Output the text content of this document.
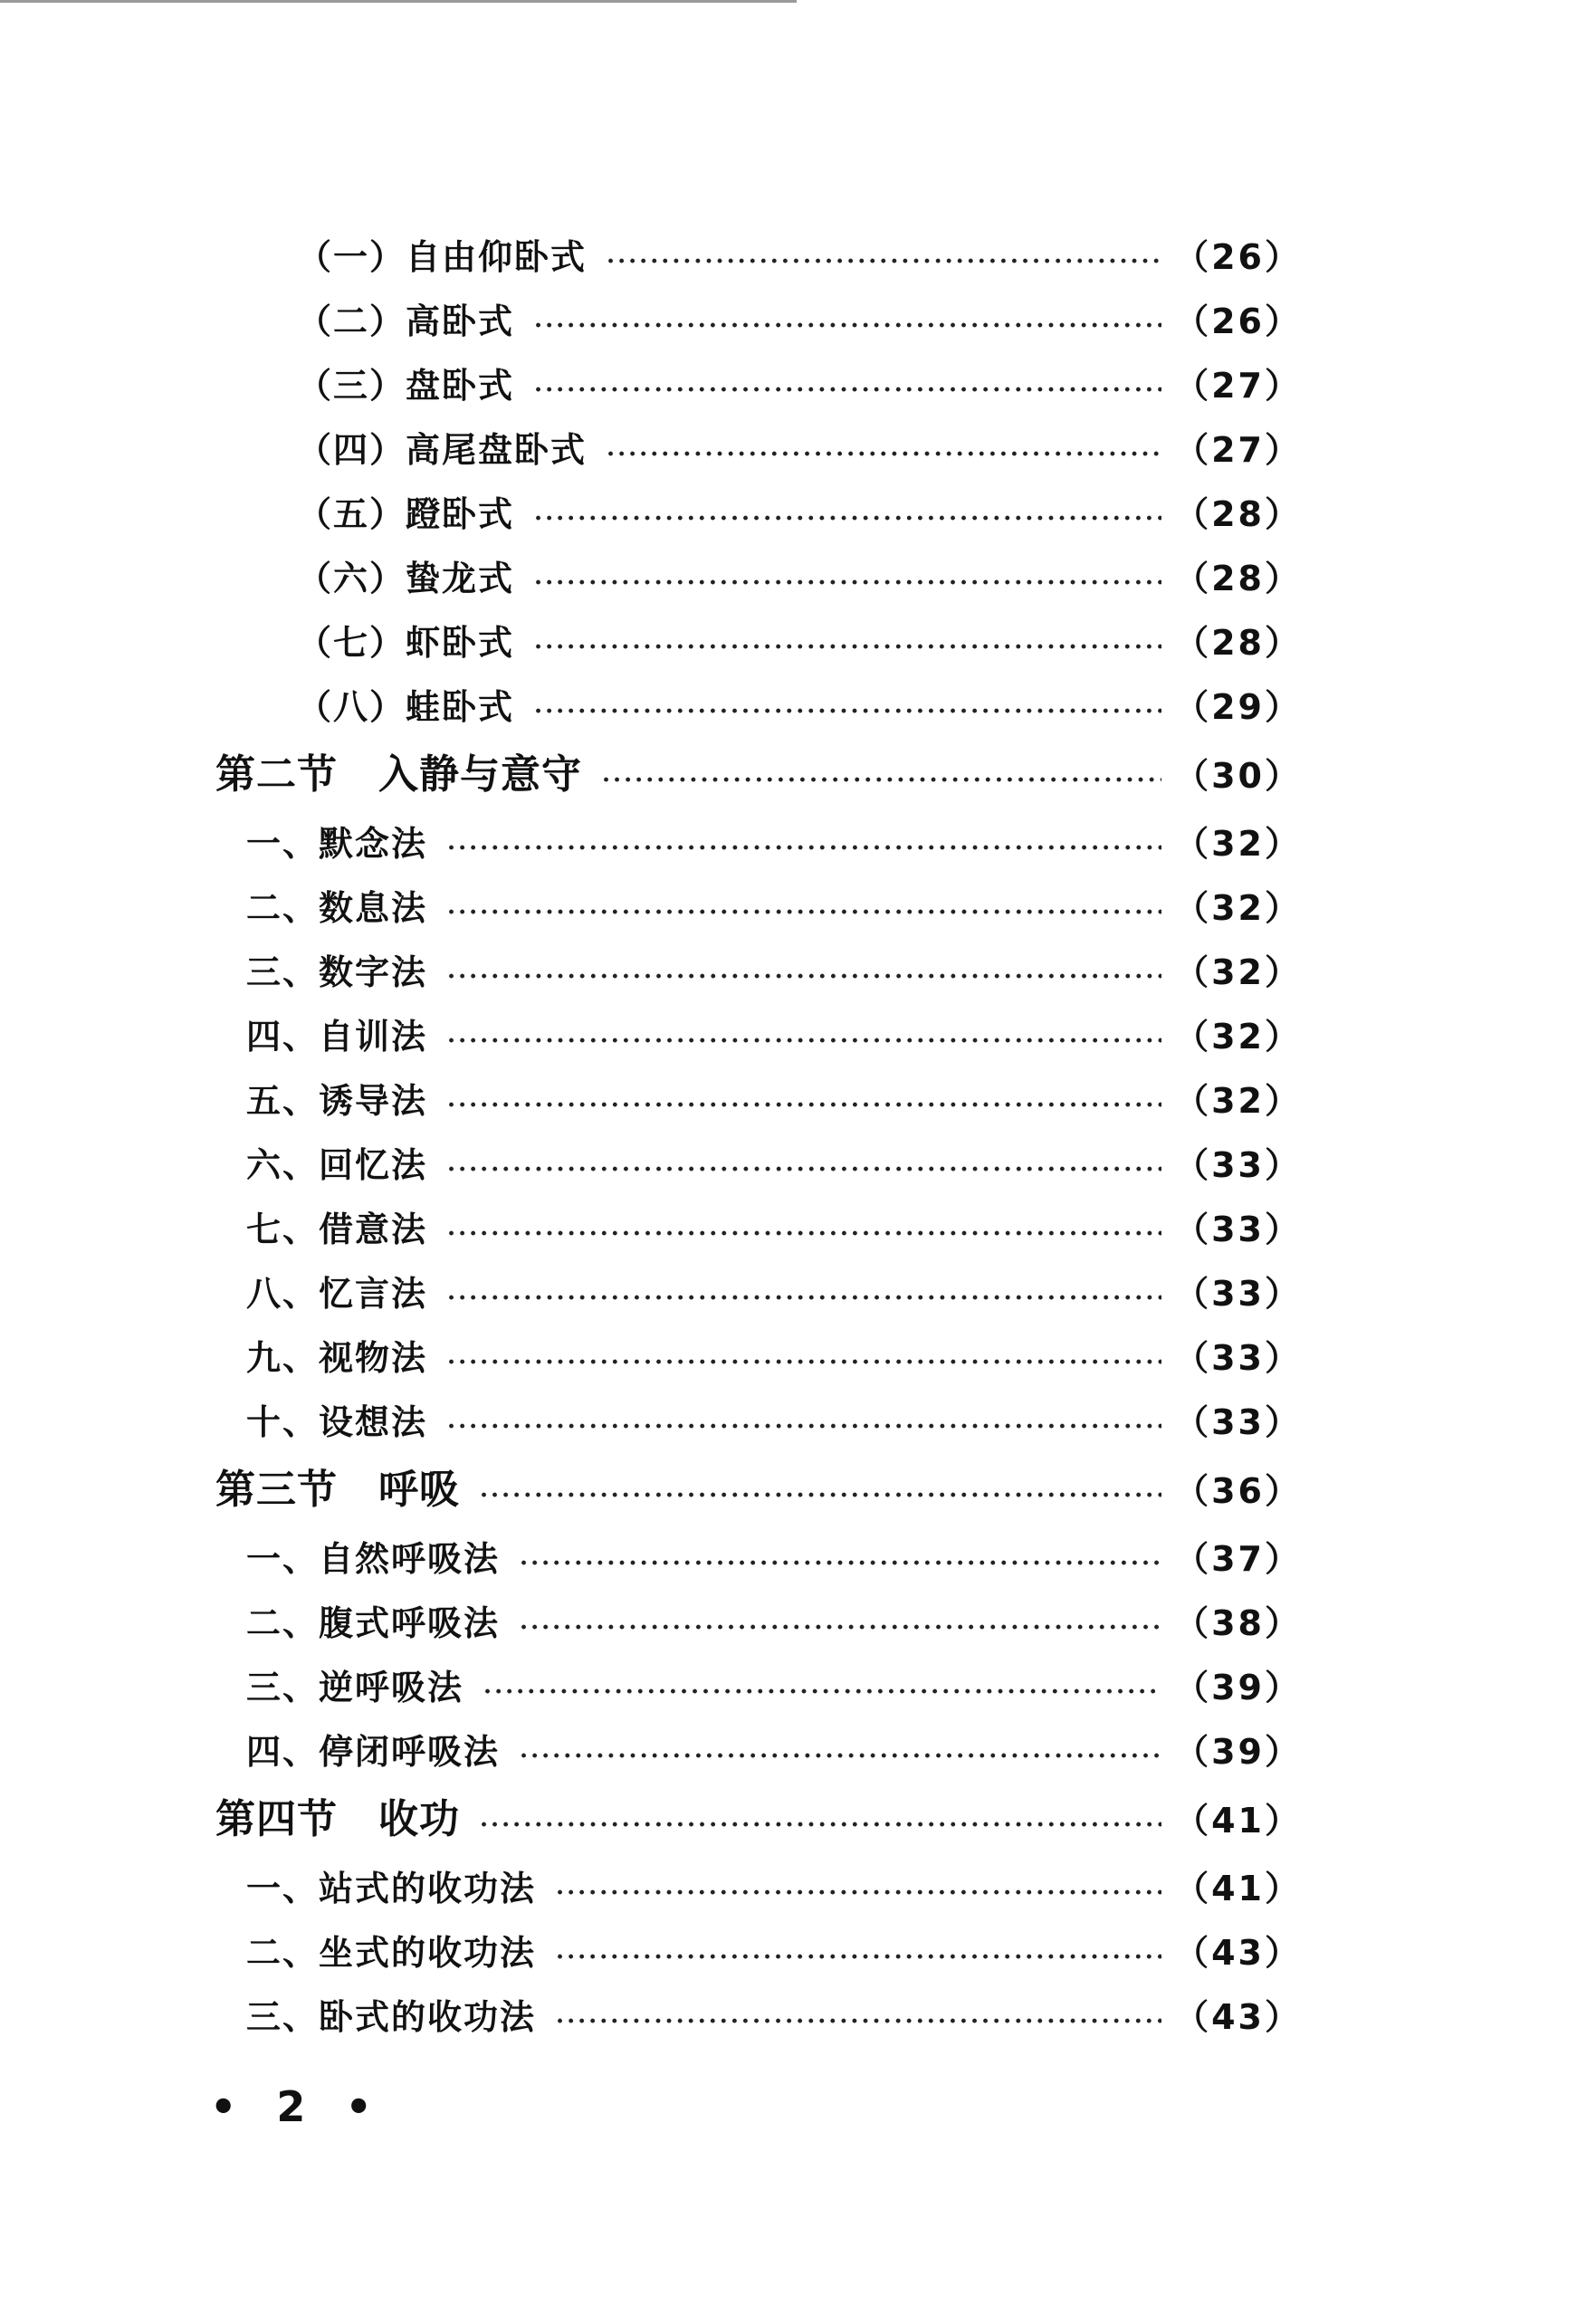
（一）自由仰卧式 ·····	（26）
（二）高卧式 ·····	（26）
（三）盘卧式 ·····	（27）
（四）高尾盘卧式 ·····	（27）
（五）蹬卧式 ·····	（28）
（六）蛰龙式 ·····	（28）
（七）虾卧式 ·····	（28）
（八）蛙卧式 ·····	（29）
第二节　入静与意守 ·····	（30）
一、默念法 ·····	（32）
二、数息法 ·····	（32）
三、数字法 ·····	（32）
四、自训法 ·····	（32）
五、诱导法 ·····	（32）
六、回忆法 ·····	（33）
七、借意法 ·····	（33）
八、忆言法 ·····	（33）
九、视物法 ·····	（33）
十、设想法 ·····	（33）
第三节　呼吸 ·····	（36）
一、自然呼吸法 ·····	（37）
二、腹式呼吸法 ·····	（38）
三、逆呼吸法 ·····	（39）
四、停闭呼吸法 ·····	（39）
第四节　收功 ·····	（41）
一、站式的收功法 ·····	（41）
二、坐式的收功法 ·····	（43）
三、卧式的收功法 ·····	（43）
• 2 •
